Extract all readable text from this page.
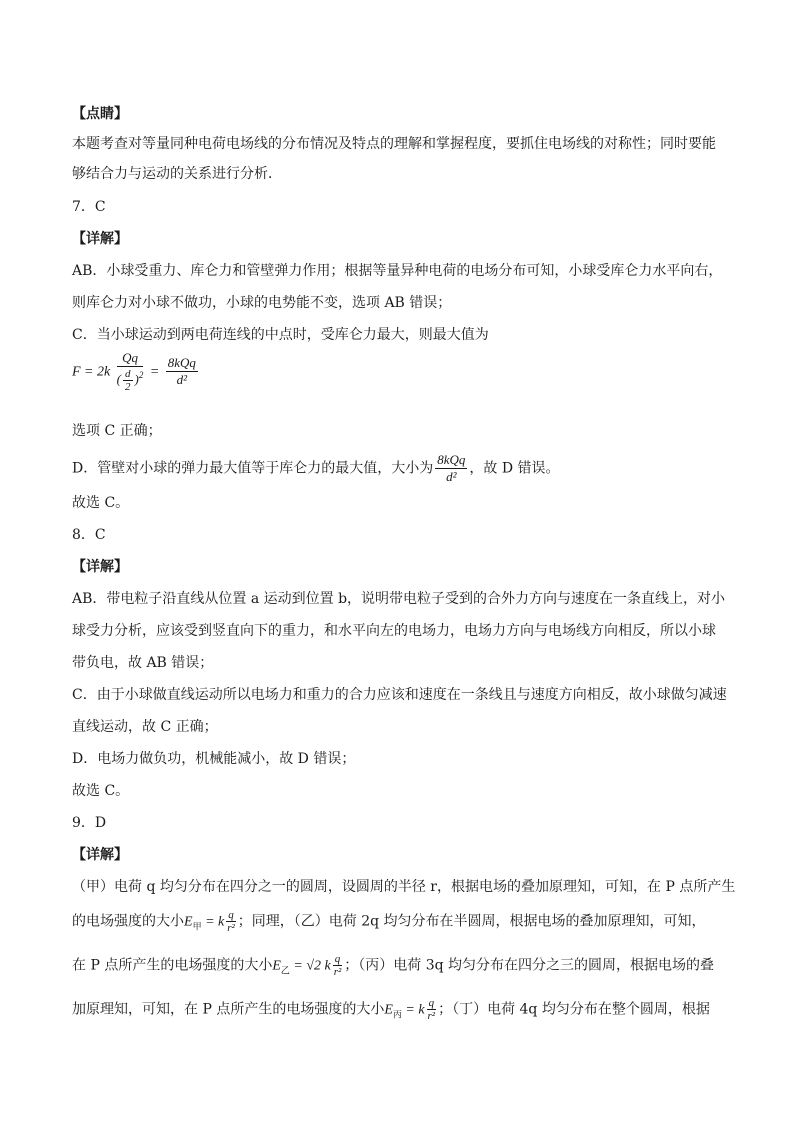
【点睛】
本题考查对等量同种电荷电场线的分布情况及特点的理解和掌握程度，要抓住电场线的对称性；同时要能
够结合力与运动的关系进行分析．
7．C
【详解】
AB．小球受重力、库仑力和管壁弹力作用；根据等量异种电荷的电场分布可知，小球受库仑力水平向右，
则库仑力对小球不做功，小球的电势能不变，选项 AB 错误；
C．当小球运动到两电荷连线的中点时，受库仑力最大，则最大值为
$F = 2k \frac{Qq}{( \frac{d}{2} )^2} = \frac{\text{8kQq}}{\text{d²}}$
选项 C 正确；
D．管壁对小球的弹力最大值等于库仑力的最大值，大小为 $\frac{\text{8kQq}}{\text{d²}}$ ，故 D 错误。
故选 C。
8．C
【详解】
AB．带电粒子沿直线从位置 a 运动到位置 b，说明带电粒子受到的合外力方向与速度在一条直线上，对小
球受力分析，应该受到竖直向下的重力，和水平向左的电场力，电场力方向与电场线方向相反，所以小球
带负电，故 AB 错误；
C．由于小球做直线运动所以电场力和重力的合力应该和速度在一条线且与速度方向相反，故小球做匀减速
直线运动，故 C 正确；
D．电场力做负功，机械能减小，故 D 错误；
故选 C。
9．D
【详解】
（甲）电荷 q 均匀分布在四分之一的圆周，设圆周的半径 r，根据电场的叠加原理知，可知，在 P 点所产生
的电场强度的大小$E_甲 = k \frac{q}{\text{r²}}$ ；同理，（乙）电荷 2q 均匀分布在半圆周，根据电场的叠加原理知，可知，
在 P 点所产生的电场强度的大小$E_乙 = √2$ k $\frac{q}{\text{r²}}$ ；（丙）电荷 3q 均匀分布在四分之三的圆周，根据电场的叠
加原理知，可知，在 P 点所产生的电场强度的大小$E_丙 = k \frac{q}{\text{r²}}$ ；（丁）电荷 4q 均匀分布在整个圆周，根据
